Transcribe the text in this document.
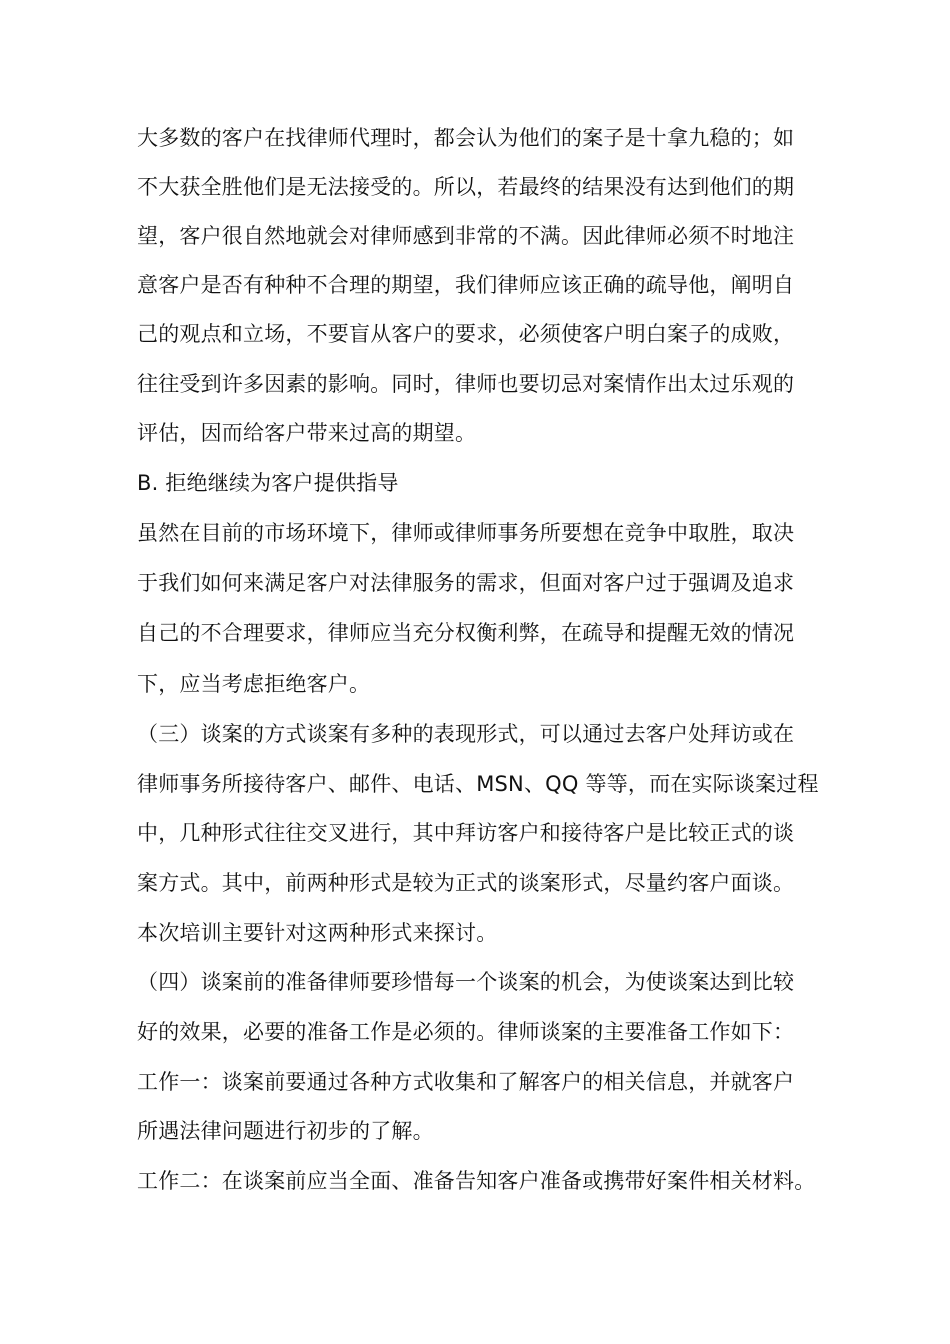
大多数的客户在找律师代理时，都会认为他们的案子是十拿九稳的；如
不大获全胜他们是无法接受的。所以，若最终的结果没有达到他们的期
望，客户很自然地就会对律师感到非常的不满。因此律师必须不时地注
意客户是否有种种不合理的期望，我们律师应该正确的疏导他，阐明自
己的观点和立场，不要盲从客户的要求，必须使客户明白案子的成败，
往往受到许多因素的影响。同时，律师也要切忌对案情作出太过乐观的
评估，因而给客户带来过高的期望。
B. 拒绝继续为客户提供指导
虽然在目前的市场环境下，律师或律师事务所要想在竞争中取胜，取决
于我们如何来满足客户对法律服务的需求，但面对客户过于强调及追求
自己的不合理要求，律师应当充分权衡利弊，在疏导和提醒无效的情况
下，应当考虑拒绝客户。
（三）谈案的方式谈案有多种的表现形式，可以通过去客户处拜访或在
律师事务所接待客户、邮件、电话、MSN、QQ 等等，而在实际谈案过程
中，几种形式往往交叉进行，其中拜访客户和接待客户是比较正式的谈
案方式。其中，前两种形式是较为正式的谈案形式，尽量约客户面谈。
本次培训主要针对这两种形式来探讨。
（四）谈案前的准备律师要珍惜每一个谈案的机会，为使谈案达到比较
好的效果，必要的准备工作是必须的。律师谈案的主要准备工作如下：
工作一：谈案前要通过各种方式收集和了解客户的相关信息，并就客户
所遇法律问题进行初步的了解。
工作二：在谈案前应当全面、准备告知客户准备或携带好案件相关材料。
